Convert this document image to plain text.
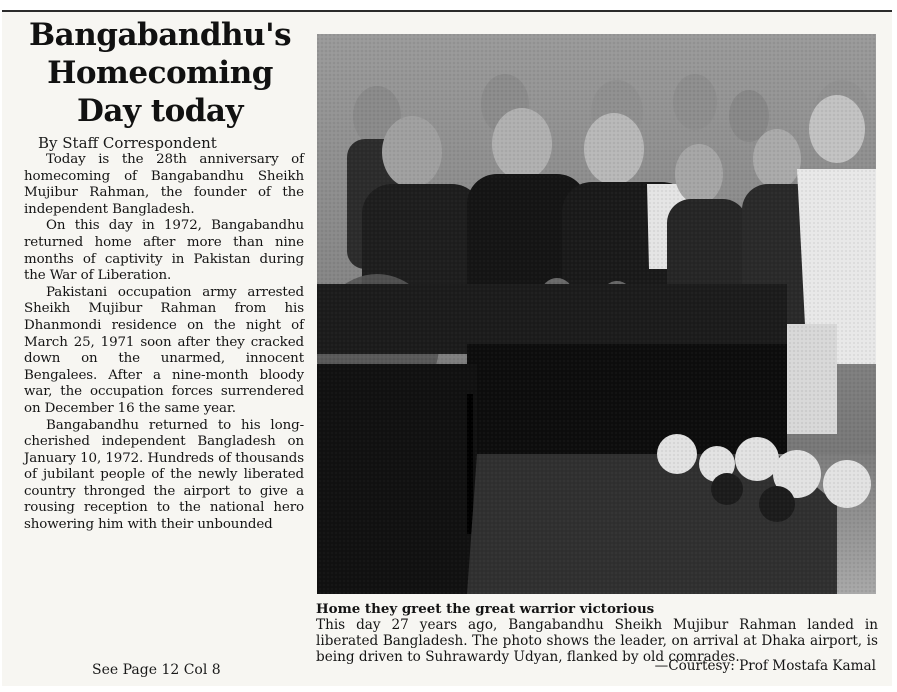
Bangabandhu's
Homecoming
Day today
By Staff Correspondent

Today is the 28th anniversary of homecoming of Bangabandhu Sheikh Mujibur Rahman, the founder of the independent Bangladesh.

On this day in 1972, Bangabandhu returned home after more than nine months of captivity in Pakistan during the War of Liberation.

Pakistani occupation army arrested Sheikh Mujibur Rahman from his Dhanmondi residence on the night of March 25, 1971 soon after they cracked down on the unarmed, innocent Bengalees. After a nine-month bloody war, the occupation forces surrendered on December 16 the same year.

Bangabandhu returned to his long-cherished independent Bangladesh on January 10, 1972. Hundreds of thousands of jubilant people of the newly liberated country thronged the airport to give a rousing reception to the national hero showering him with their unbounded

See Page 12 Col 8
Home they greet the great warrior victorious
This day 27 years ago, Bangabandhu Sheikh Mujibur Rahman landed in liberated Bangladesh. The photo shows the leader, on arrival at Dhaka airport, is being driven to Suhrawardy Udyan, flanked by old comrades.
—Courtesy: Prof Mostafa Kamal
